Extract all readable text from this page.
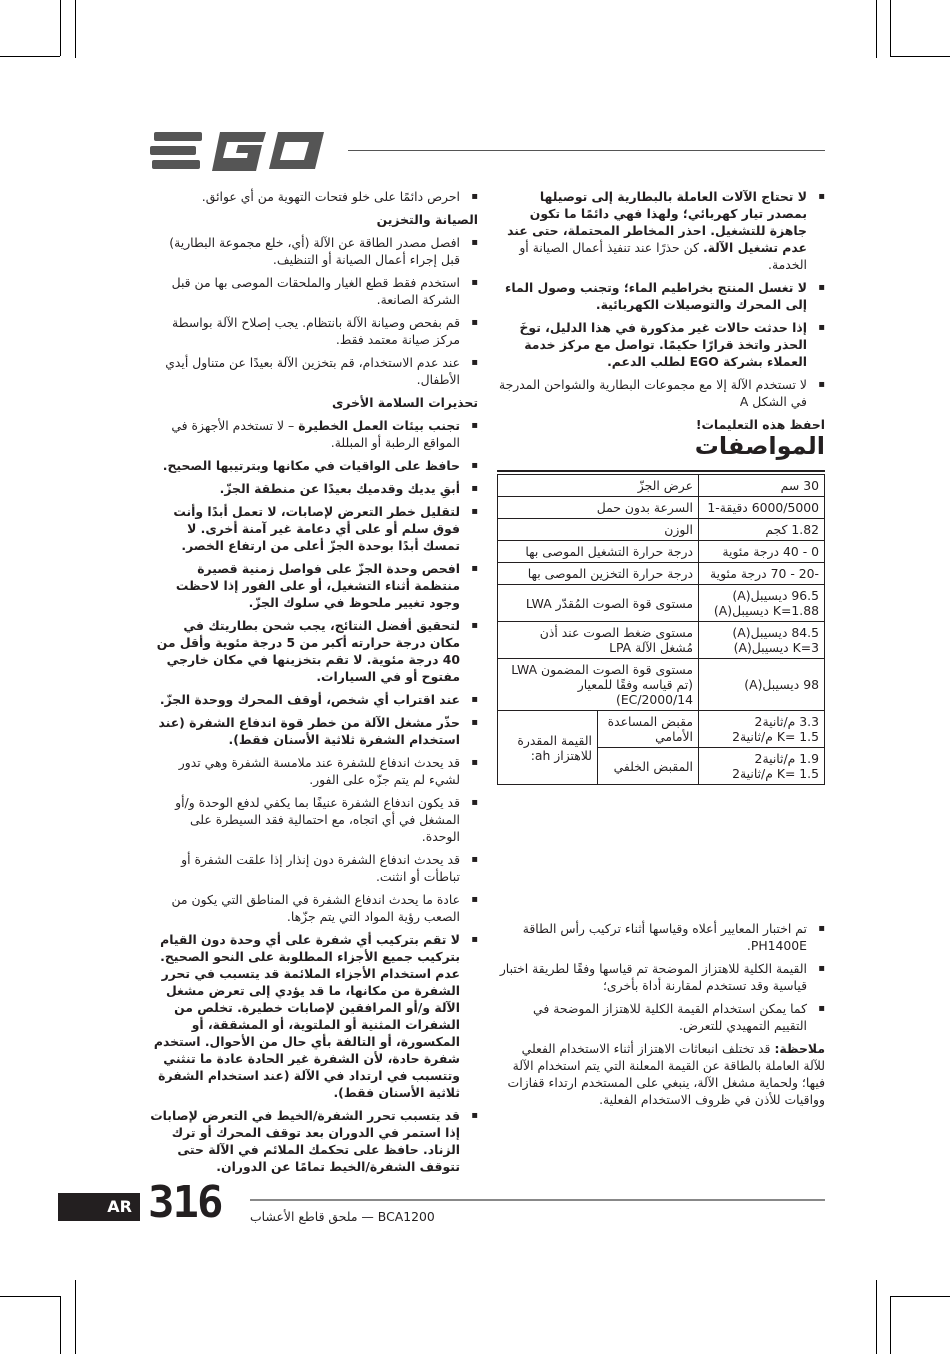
▪ احرص دائمًا على خلو فتحات التهوية من أي عوائق.
الصيانة والتخزين
▪ افصل مصدر الطاقة عن الآلة (أي، خلع مجموعة البطارية) قبل إجراء أعمال الصيانة أو التنظيف.
▪ استخدم فقط قطع الغيار والملحقات الموصى بها من قبل الشركة الصانعة.
▪ قم بفحص وصيانة الآلة بانتظام. يجب إصلاح الآلة بواسطة مركز صيانة معتمد فقط.
▪ عند عدم الاستخدام، قم بتخزين الآلة بعيدًا عن متناول أيدي الأطفال.
تحذيرات السلامة الأخرى
▪ تجنب بيئات العمل الخطيرة – لا تستخدم الأجهزة في المواقع الرطبة أو المبللة.
▪ حافظ على الواقيات في مكانها وبترتيبها الصحيح.
▪ أبقِ يديك وقدميك بعيدًا عن منطقة الجزّ.
▪ لتقليل خطر التعرض لإصابات، لا تعمل أبدًا وأنت فوق سلم أو على أي دعامة غير آمنة أخرى. لا تمسك أبدًا بوحدة الجزّ أعلى من ارتفاع الخصر.
▪ افحص وحدة الجزّ على فواصل زمنية قصيرة منتظمة أثناء التشغيل، أو على الفور إذا لاحظت وجود تغيير ملحوظ في سلوك الجزّ.
▪ لتحقيق أفضل النتائج، يجب شحن بطاريتك في مكان درجة حرارته أكبر من 5 درجة مئوية وأقل من 40 درجة مئوية. لا تقم بتخزينها في مكان خارجي مفتوح أو في السيارات.
▪ عند اقتراب أي شخص، أوقف المحرك ووحدة الجزّ.
▪ حذّر مشغل الآلة من خطر قوة اندفاع الشفرة (عند استخدام الشفرة ثلاثية الأسنان فقط).
▪ قد يحدث اندفاع للشفرة عند ملامسة الشفرة وهي تدور لشيء لم يتم جزّه على الفور.
▪ قد يكون اندفاع الشفرة عنيفًا بما يكفي لدفع الوحدة و/أو المشغل في أي اتجاه، مع احتمالية فقد السيطرة على الوحدة.
▪ قد يحدث اندفاع الشفرة دون إنذار إذا علقت الشفرة أو تباطأت أو انثنت.
▪ عادة ما يحدث اندفاع الشفرة في المناطق التي يكون من الصعب رؤية المواد التي يتم جزّها.
▪ لا تقم بتركيب أي شفرة على أي وحدة دون القيام بتركيب جميع الأجزاء المطلوبة على النحو الصحيح. عدم استخدام الأجزاء الملائمة قد يتسبب في تحرر الشفرة من مكانها، ما قد يؤدي إلى تعرض مشغل الآلة و/أو المرافقين لإصابات خطيرة. تخلص من الشفرات المثنية أو الملتوية، أو المشققة، أو المكسورة، أو التالفة بأي حال من الأحوال. استخدم شفرة حادة، لأن الشفرة غير الحادة عادة ما تنثني وتتسبب في ارتداد في الآلة (عند استخدام الشفرة ثلاثية الأسنان فقط).
▪ قد يتسبب تحرر الشفرة/الخيط في التعرض لإصابات إذا استمر في الدوران بعد توقف المحرك أو ترك الزناد. حافظ على تحكمك الملائم في الآلة حتى تتوقف الشفرة/الخيط تمامًا عن الدوران.
▪ لا تحتاج الآلات العاملة بالبطارية إلى توصيلها بمصدر تيار كهربائي؛ ولهذا فهي دائمًا ما تكون جاهزة للتشغيل. احذر المخاطر المحتملة، حتى عند عدم تشغيل الآلة. كن حذرًا عند تنفيذ أعمال الصيانة أو الخدمة.
▪ لا تغسل المنتج بخراطيم الماء؛ وتجنب وصول الماء إلى المحرك والتوصيلات الكهربائية.
▪ إذا حدثت حالات غير مذكورة في هذا الدليل، توخَ الحذر واتخذ قرارًا حكيمًا. تواصل مع مركز خدمة العملاء بشركة EGO لطلب الدعم.
▪ لا تستخدم الآلة إلا مع مجموعات البطارية والشواحن المدرجة في الشكل A
احفظ هذه التعليمات!
المواصفات
30 سم	عرض الجزّ	
6000/5000 دقيقة-1	السرعة بدون حمل	
1.82 كجم	الوزن	
0 - 40 درجة مئوية	درجة حرارة التشغيل الموصى بها	
-20 - 70 درجة مئوية	درجة حرارة التخزين الموصى بها	

96.5 ديسيبل(A)
K=1.88 ديسيبل(A)	مستوى قوة الصوت المُقدّر LWA	

84.5 ديسيبل(A)
K=3 ديسيبل(A)	مستوى ضغط الصوت عند أذن مُشغل الآلة LPA	
98 ديسيبل(A)	مستوى قوة الصوت المضمون LWA (تم قياسه وفقًا للمعيار 2000/14/EC)	

3.3 م/ثانية2
K= 1.5 م/ثانية2	مقبض المساعدة الأمامي	القيمة المقدرة للاهتزاز ah:

1.9 م/ثانية2
K= 1.5 م/ثانية2	المقبض الخلفي	
▪ تم اختبار المعايير أعلاه وقياسها أثناء تركيب رأس الطاقة PH1400E.
▪ القيمة الكلية للاهتزاز الموضحة تم قياسها وفقًا لطريقة اختبار قياسية وقد تستخدم لمقارنة أداة بأخرى؛
▪ كما يمكن استخدام القيمة الكلية للاهتزاز الموضحة في التقييم التمهيدي للتعرض.
ملاحظة: قد تختلف انبعاثات الاهتزاز أثناء الاستخدام الفعلي للآلة العاملة بالطاقة عن القيمة المعلنة التي يتم استخدام الآلة فيها؛ ولحماية مشغل الآلة، ينبغي على المستخدم ارتداء قفازات وواقيات للأذن في ظروف الاستخدام الفعلية.
AR 316 BCA1200 — ملحق قاطع الأعشاب
